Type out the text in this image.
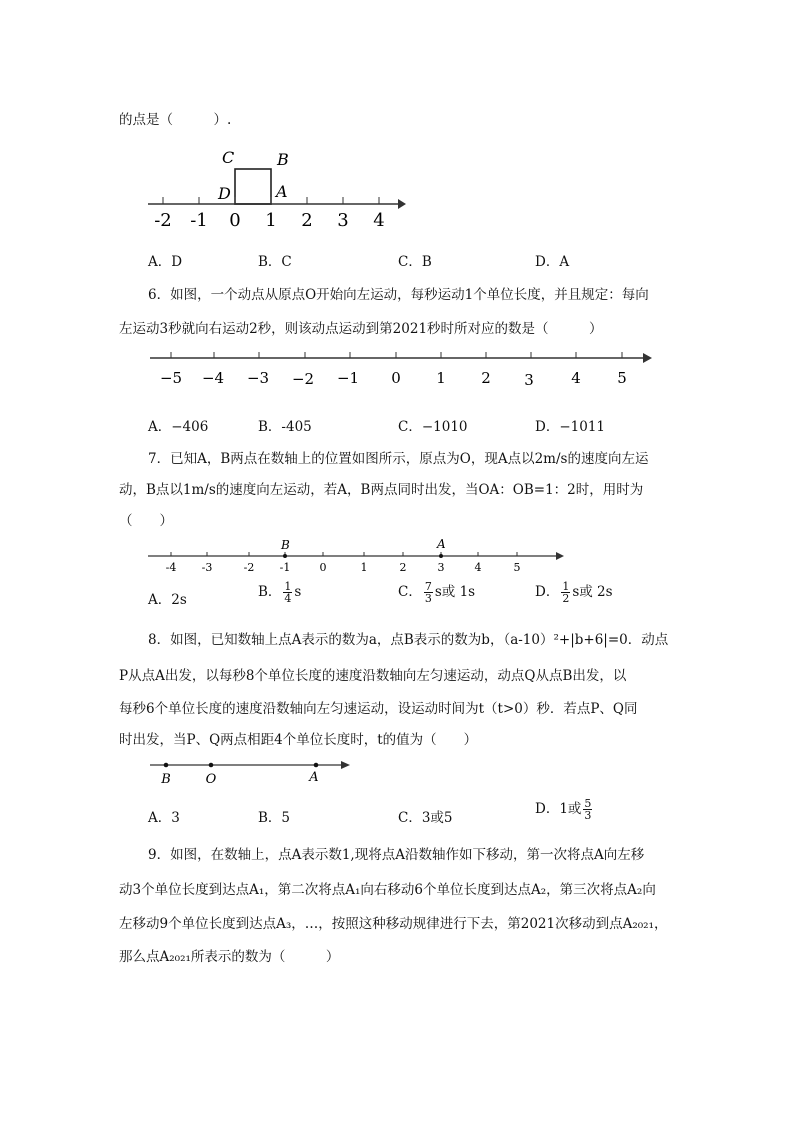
的点是（　　　）.
C	B
D	A
-2 -1 0 1 2 3 4
A．D	B．C	C．B	D．A
6．如图，一个动点从原点O开始向左运动，每秒运动1个单位长度，并且规定：每向
左运动3秒就向右运动2秒，则该动点运动到第2021秒时所对应的数是（　　　）
−5 −4 −3 −2 −1 0 1 2 3 4 5
A．−406	B．-405	C．−1010	D．−1011
7．已知A，B两点在数轴上的位置如图所示，原点为O，现A点以2m/s的速度向左运
动，B点以1m/s的速度向左运动，若A，B两点同时出发，当OA：OB=1：2时，用时为
（　　）
B	A
-4 -3	-2 -1	0	1	2	3	4	5
A．2s	B． $\frac{1}{4}$ s	C． $\frac{7}{3}$ s或 1s	D． $\frac{1}{2}$ s或 2s
8．如图，已知数轴上点A表示的数为a，点B表示的数为b，（a-10）²+|b+6|=0．动点
P从点A出发，以每秒8个单位长度的速度沿数轴向左匀速运动，动点Q从点B出发，以
每秒6个单位长度的速度沿数轴向左匀速运动，设运动时间为t（t>0）秒．若点P、Q同
时出发，当P、Q两点相距4个单位长度时，t的值为（　　）
B	O	A
A．3	B．5	C．3或5
D．1或 $\frac{5}{3}$
9．如图，在数轴上，点A表示数1,现将点A沿数轴作如下移动，第一次将点A向左移
动3个单位长度到达点A₁，第二次将点A₁向右移动6个单位长度到达点A₂，第三次将点A₂向
左移动9个单位长度到达点A₃，…，按照这种移动规律进行下去，第2021次移动到点A₂₀₂₁，
那么点A₂₀₂₁所表示的数为（　　　）
